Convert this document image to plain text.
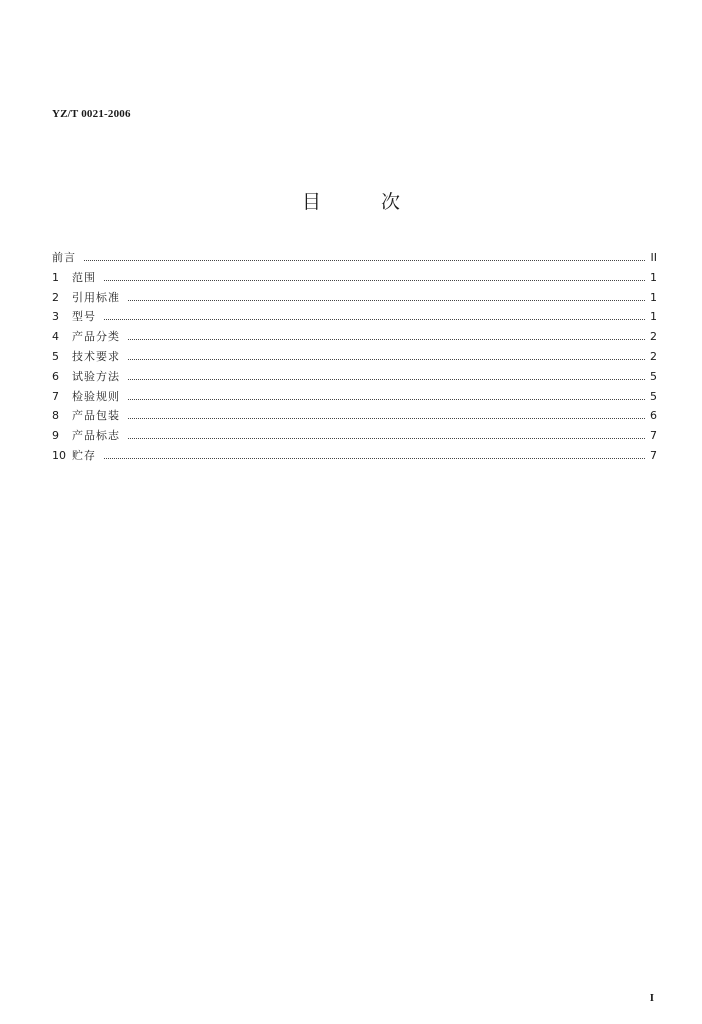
YZ/T 0021-2006
目次
前言	II
1	范围	1
2	引用标准	1
3	型号	1
4	产品分类	2
5	技术要求	2
6	试验方法	5
7	检验规则	5
8	产品包装	6
9	产品标志	7
10 贮存	7
I
